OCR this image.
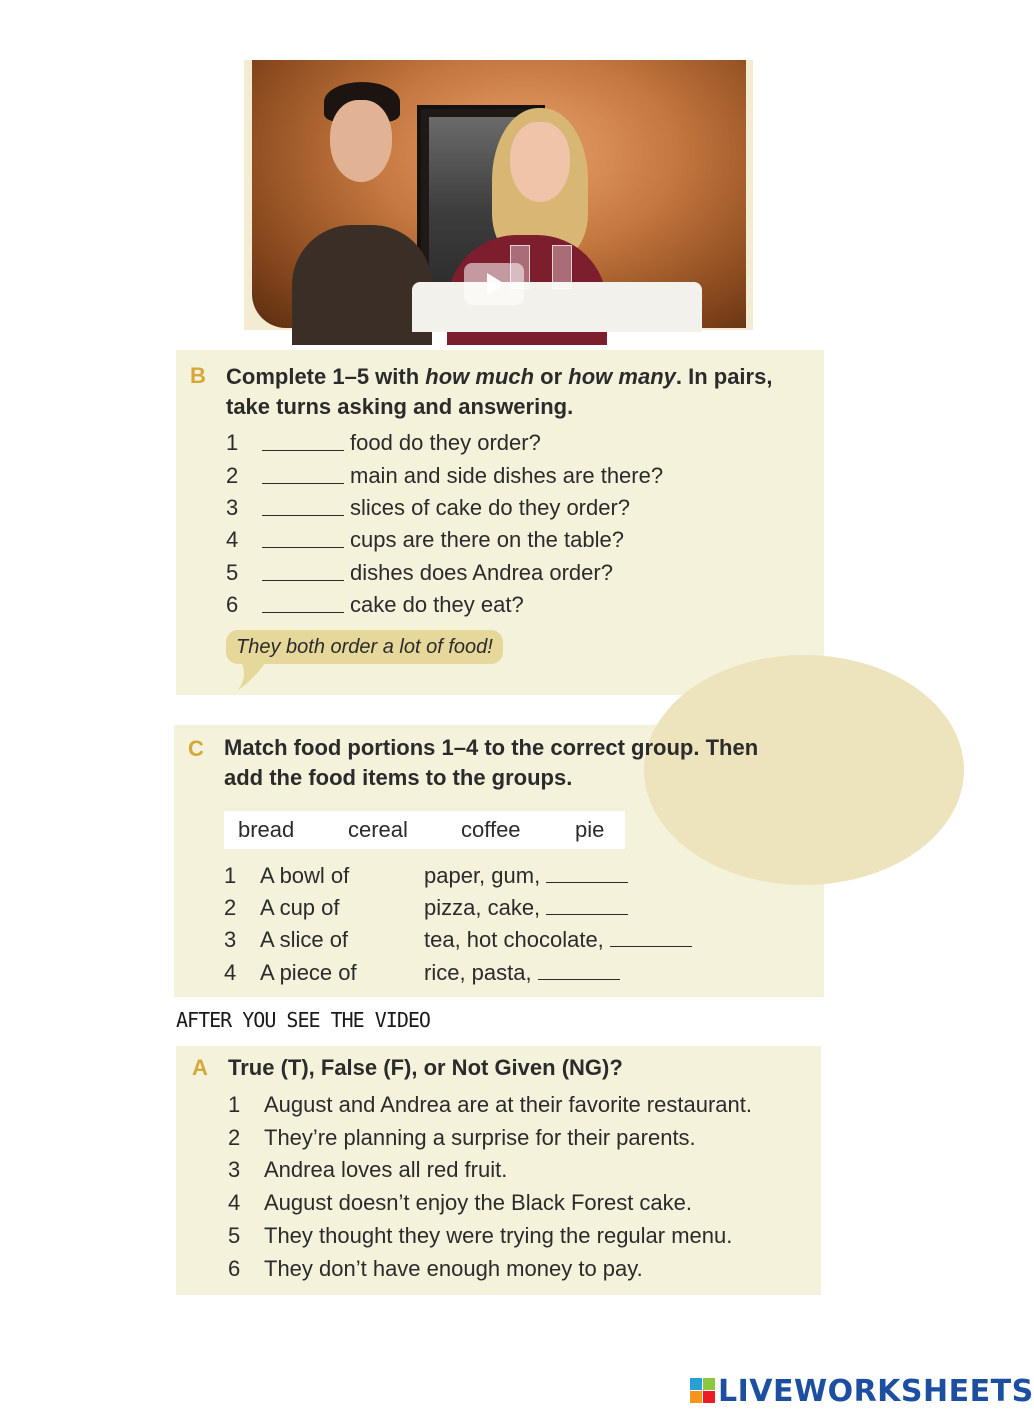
B Complete 1–5 with how much or how many. In pairs,
take turns asking and answering.
1	food do they order?
2	main and side dishes are there?
3	slices of cake do they order?
4	cups are there on the table?
5	dishes does Andrea order?
6	cake do they eat?
They both order a lot of food!
C Match food portions 1–4 to the correct group. Then
add the food items to the groups.
bread cereal coffee pie
1 A bowl of	paper, gum,
2 A cup of	pizza, cake,
3 A slice of	tea, hot chocolate,
4 A piece of	rice, pasta,
AFTER YOU SEE THE VIDEO
A True (T), False (F), or Not Given (NG)?
1 August and Andrea are at their favorite restaurant.
2 They’re planning a surprise for their parents.
3 Andrea loves all red fruit.
4 August doesn’t enjoy the Black Forest cake.
5 They thought they were trying the regular menu.
6 They don’t have enough money to pay.
LIVEWORKSHEETS
